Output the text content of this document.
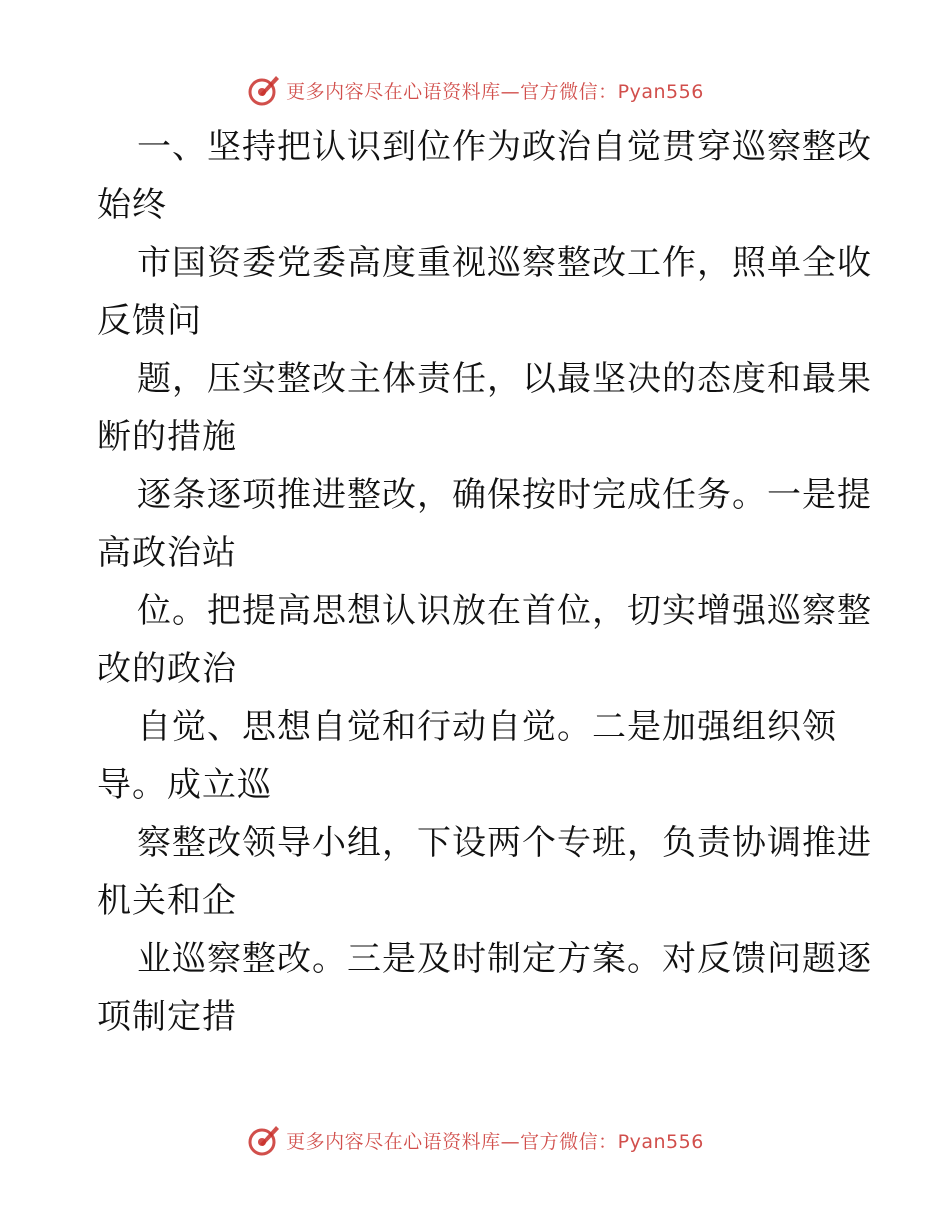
更多内容尽在心语资料库—官方微信：Pyan556
一、坚持把认识到位作为政治自觉贯穿巡察整改
始终
市国资委党委高度重视巡察整改工作，照单全收
反馈问
题，压实整改主体责任，以最坚决的态度和最果
断的措施
逐条逐项推进整改，确保按时完成任务。一是提
高政治站
位。把提高思想认识放在首位，切实增强巡察整
改的政治
自觉、思想自觉和行动自觉。二是加强组织领
导。成立巡
察整改领导小组，下设两个专班，负责协调推进
机关和企
业巡察整改。三是及时制定方案。对反馈问题逐
项制定措
更多内容尽在心语资料库—官方微信：Pyan556
